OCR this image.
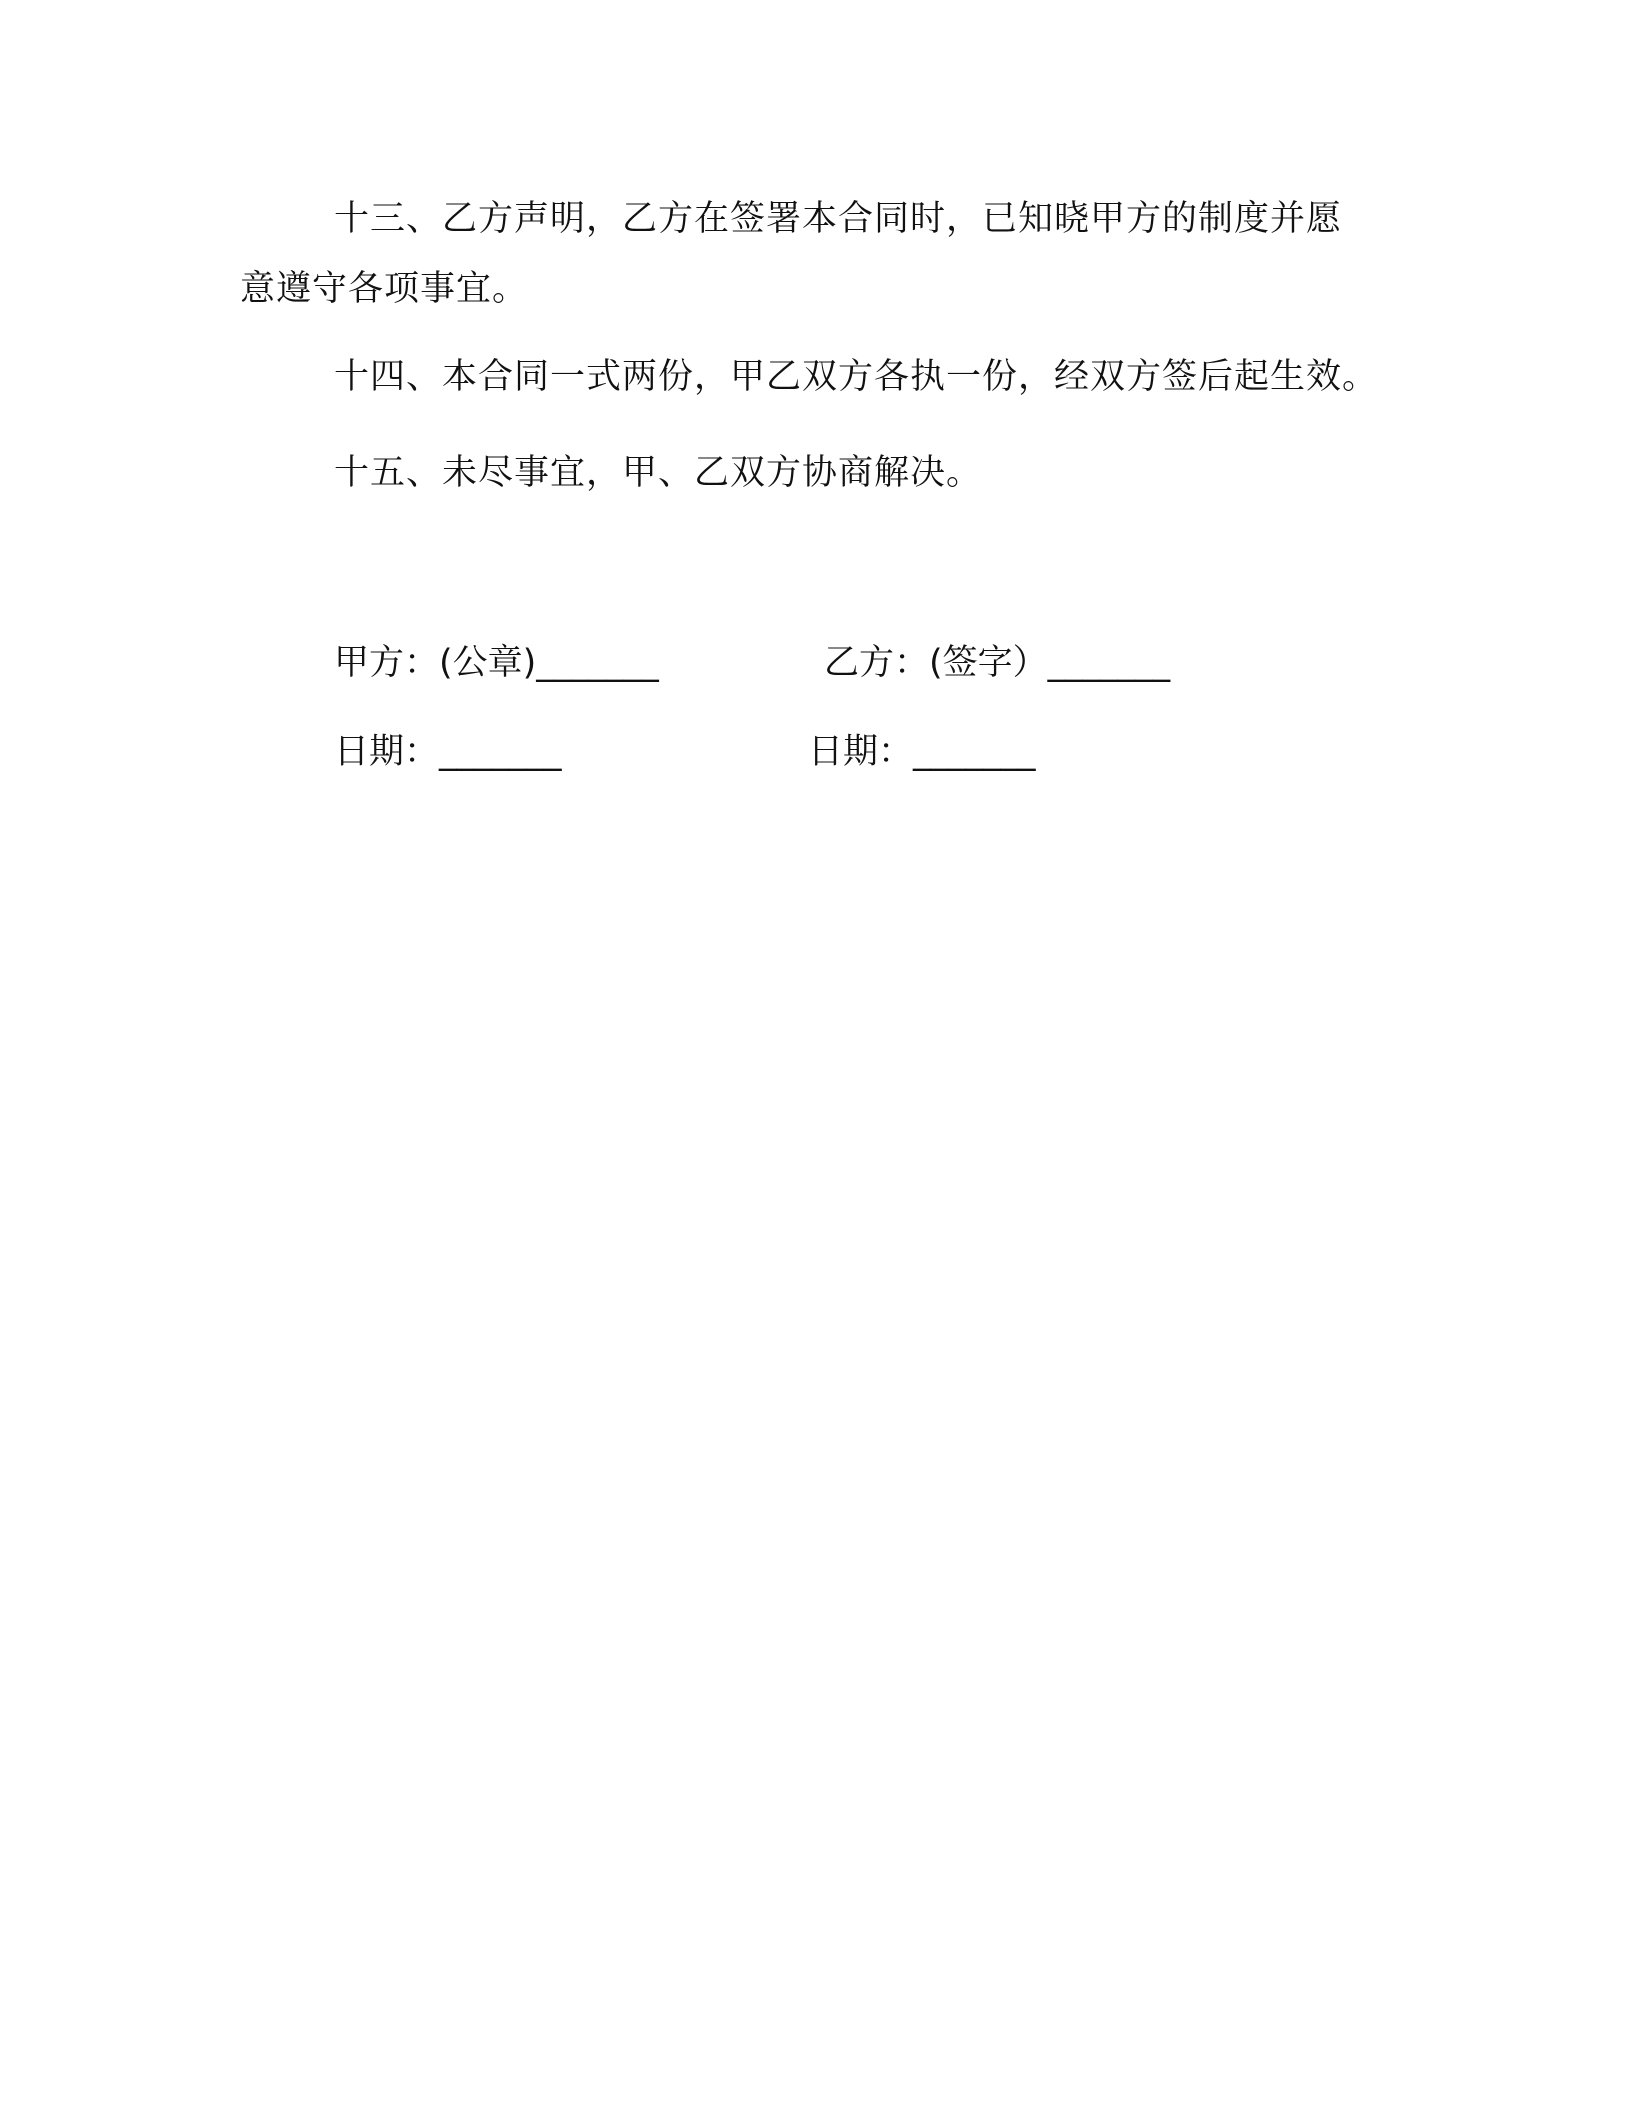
十三、乙方声明，乙方在签署本合同时，已知晓甲方的制度并愿
意遵守各项事宜。
十四、本合同一式两份，甲乙双方各执一份，经双方签后起生效。
十五、未尽事宜，甲、乙双方协商解决。
甲方：(公章)_______	乙方：(签字）_______
日期：_______	日期：_______
